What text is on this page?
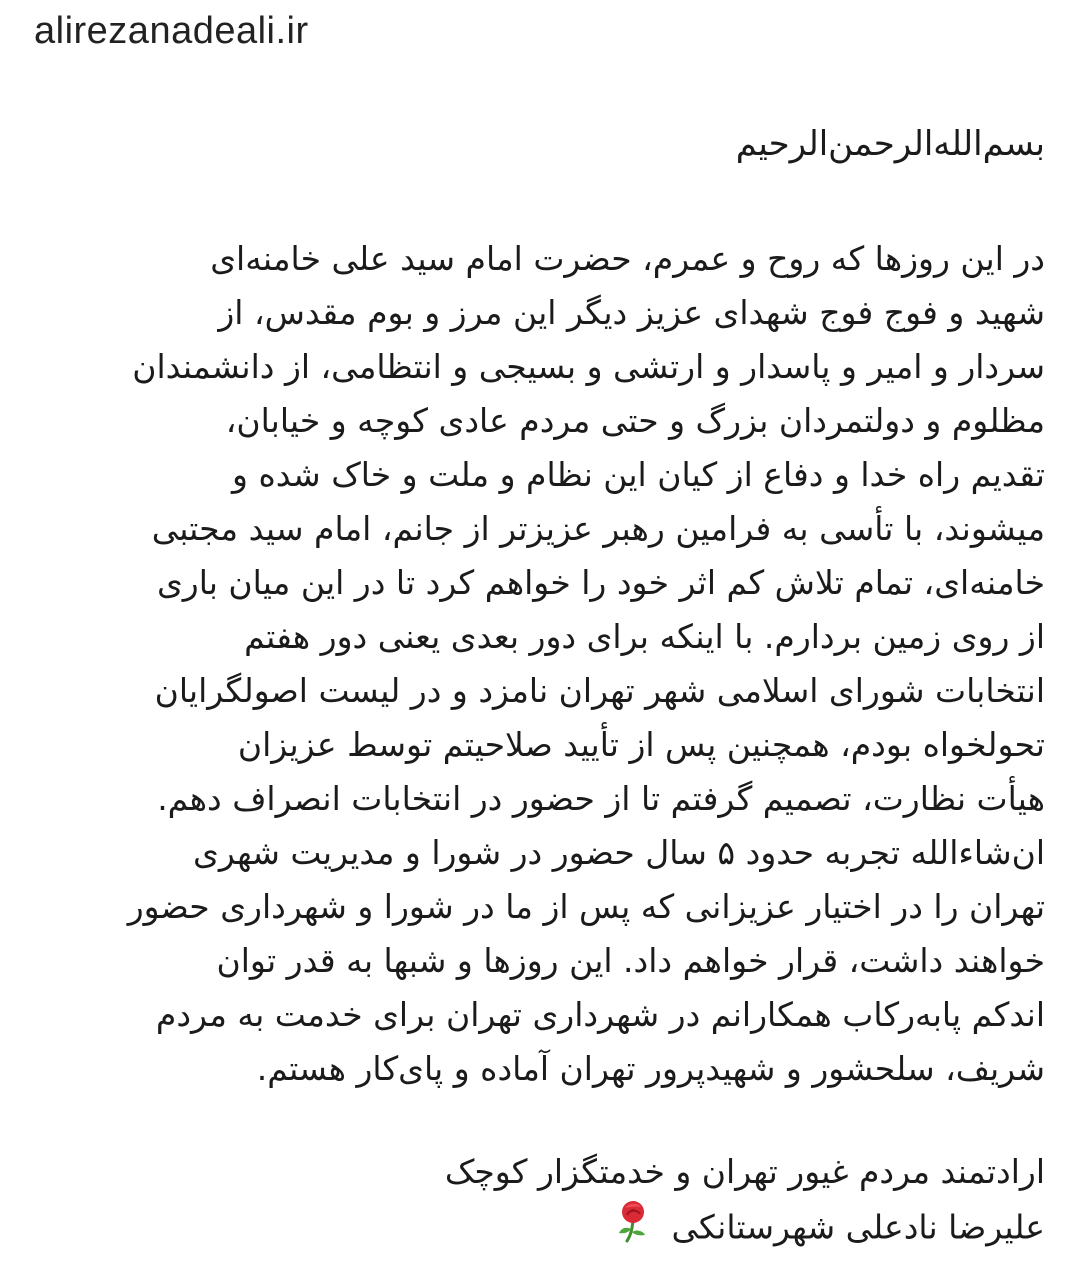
alirezanadeali.ir
بسم‌الله‌الرحمن‌الرحیم
در این روزها که روح و عمرم، حضرت امام سید علی خامنه‌ای
شهید و فوج فوج شهدای عزیز دیگر این مرز و بوم مقدس، از
سردار و امیر و پاسدار و ارتشی و بسیجی و انتظامی، از دانشمندان
مظلوم و دولتمردان بزرگ و حتی مردم عادی کوچه و خیابان،
تقدیم راه خدا و دفاع از کیان این نظام و ملت و خاک شده و
میشوند، با تأسی به فرامین رهبر عزیزتر از جانم، امام سید مجتبی
خامنه‌ای، تمام تلاش کم اثر خود را خواهم کرد تا در این میان باری
از روی زمین بردارم. با اینکه برای دور بعدی یعنی دور هفتم
انتخابات شورای اسلامی شهر تهران نامزد و در لیست اصولگرایان
تحولخواه بودم، همچنین پس از تأیید صلاحیتم توسط عزیزان
هیأت نظارت، تصمیم گرفتم تا از حضور در انتخابات انصراف دهم.
ان‌شاءالله تجربه حدود ۵ سال حضور در شورا و مدیریت شهری
تهران را در اختیار عزیزانی که پس از ما در شورا و شهرداری حضور
خواهند داشت، قرار خواهم داد. این روزها و شبها به قدر توان
اندکم پابه‌رکاب همکارانم در شهرداری تهران برای خدمت به مردم
شریف، سلحشور و شهیدپرور تهران آماده و پای‌کار هستم.
ارادتمند مردم غیور تهران و خدمتگزار کوچک
علیرضا نادعلی شهرستانکی
